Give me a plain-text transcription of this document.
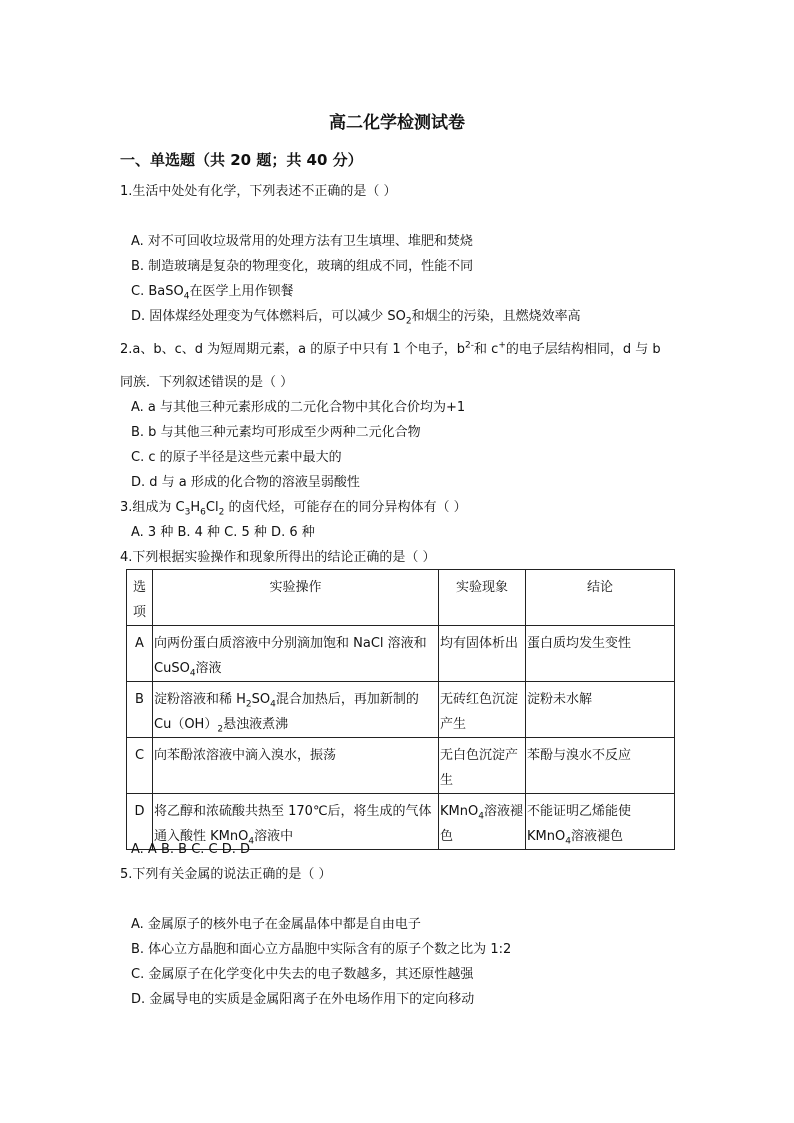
高二化学检测试卷
一、单选题（共 20 题；共 40 分）
1.生活中处处有化学，下列表述不正确的是（ ）
A. 对不可回收垃圾常用的处理方法有卫生填埋、堆肥和焚烧
B. 制造玻璃是复杂的物理变化，玻璃的组成不同，性能不同
C. BaSO$_4$在医学上用作钡餐
D. 固体煤经处理变为气体燃料后，可以减少 $SO_2$和烟尘的污染，且燃烧效率高
2.a、b、c、d 为短周期元素，a 的原子中只有 1 个电子，$b^{2-}$和 c+的电子层结构相同，d 与 b
同族．下列叙述错误的是（ ）
A. a 与其他三种元素形成的二元化合物中其化合价均为+1
B. b 与其他三种元素均可形成至少两种二元化合物
C. c 的原子半径是这些元素中最大的
D. d 与 a 形成的化合物的溶液呈弱酸性
3.组成为 $C_3H_6Cl_2$ 的卤代烃，可能存在的同分异构体有（ ）
A. 3 种 B. 4 种 C. 5 种 D. 6 种
4.下列根据实验操作和现象所得出的结论正确的是（ ）
选项	实验操作	实验现象	结论
A	向两份蛋白质溶液中分别滴加饱和 NaCl 溶液和 CuSO$_4$溶液	均有固体析出	蛋白质均发生变性
B	淀粉溶液和稀 $H_2SO_4$混合加热后，再加新制的 $Cu(OH)_2$悬浊液煮沸	无砖红色沉淀产生	淀粉未水解
C	向苯酚浓溶液中滴入溴水，振荡	无白色沉淀产生	苯酚与溴水不反应
D	将乙醇和浓硫酸共热至 170℃后，将生成的气体通入酸性 KMnO$_4$溶液中	KMnO$_4$溶液褪色	不能证明乙烯能使 KMnO$_4$溶液褪色
A. A B. B C. C D. D
5.下列有关金属的说法正确的是（ ）
A. 金属原子的核外电子在金属晶体中都是自由电子
B. 体心立方晶胞和面心立方晶胞中实际含有的原子个数之比为 1:2
C. 金属原子在化学变化中失去的电子数越多，其还原性越强
D. 金属导电的实质是金属阳离子在外电场作用下的定向移动
